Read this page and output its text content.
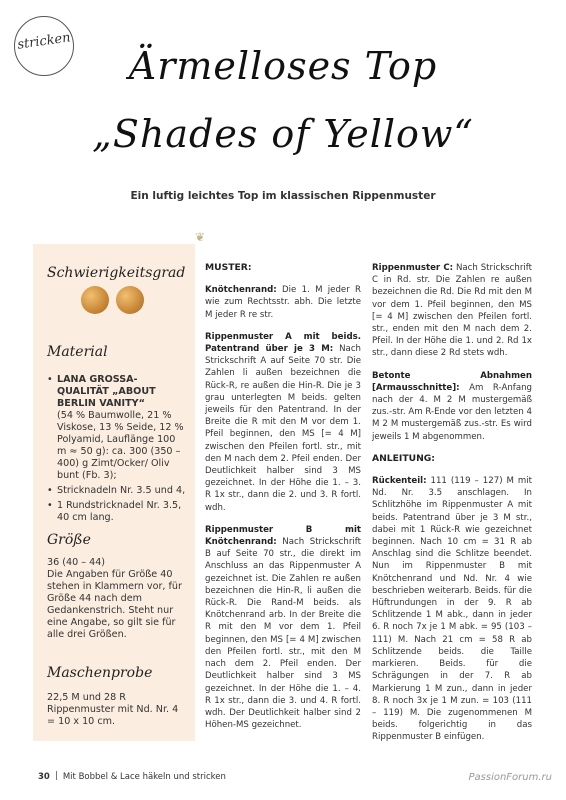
stricken
Ärmelloses Top
„Shades of Yellow“
Ein luftig leichtes Top im klassischen Rippenmuster
❦
Schwierigkeitsgrad
Material
• LANA GROSSA-QUALITÄT „ABOUT BERLIN VANITY“
(54 % Baumwolle, 21 % Viskose, 13 % Seide, 12 % Polyamid, Lauflänge 100 m ≈ 50 g): ca. 300 (350 – 400) g Zimt/Ocker/ Oliv bunt (Fb. 3);
• Stricknadeln Nr. 3.5 und 4,
• 1 Rundstricknadel Nr. 3.5, 40 cm lang.
Größe
36 (40 – 44)
Die Angaben für Größe 40 stehen in Klammern vor, für Größe 44 nach dem Gedankenstrich. Steht nur eine Angabe, so gilt sie für alle drei Größen.
Maschenprobe
22,5 M und 28 R Rippenmuster mit Nd. Nr. 4 = 10 x 10 cm.

MUSTER:

Knötchenrand: Die 1. M jeder R wie zum Rechtsstr. abh. Die letzte M jeder R re str.

Rippenmuster A mit beids. Patentrand über je 3 M: Nach Strickschrift A auf Seite 70 str. Die Zahlen li außen bezeichnen die Rück-R, re außen die Hin-R. Die je 3 grau unterlegten M beids. gelten jeweils für den Patentrand. In der Breite die R mit den M vor dem 1. Pfeil beginnen, den MS [= 4 M] zwischen den Pfeilen fortl. str., mit den M nach dem 2. Pfeil enden. Der Deutlichkeit halber sind 3 MS gezeichnet. In der Höhe die 1. – 3. R 1x str., dann die 2. und 3. R fortl. wdh.

Rippenmuster B mit Knötchenrand: Nach Strickschrift B auf Seite 70 str., die direkt im Anschluss an das Rippenmuster A gezeichnet ist. Die Zahlen re außen bezeichnen die Hin-R, li außen die Rück-R. Die Rand-M beids. als Knötchenrand arb. In der Breite die R mit den M vor dem 1. Pfeil beginnen, den MS [= 4 M] zwischen den Pfeilen fortl. str., mit den M nach dem 2. Pfeil enden. Der Deutlichkeit halber sind 3 MS gezeichnet. In der Höhe die 1. – 4. R 1x str., dann die 3. und 4. R fortl. wdh. Der Deutlichkeit halber sind 2 Höhen-MS gezeichnet.

Rippenmuster C: Nach Strickschrift C in Rd. str. Die Zahlen re außen bezeichnen die Rd. Die Rd mit den M vor dem 1. Pfeil beginnen, den MS [= 4 M] zwischen den Pfeilen fortl. str., enden mit den M nach dem 2. Pfeil. In der Höhe die 1. und 2. Rd 1x str., dann diese 2 Rd stets wdh.

Betonte Abnahmen [Armausschnitte]: Am R-Anfang nach der 4. M 2 M mustergemäß zus.-str. Am R-Ende vor den letzten 4 M 2 M mustergemäß zus.-str. Es wird jeweils 1 M abgenommen.

ANLEITUNG:

Rückenteil: 111 (119 – 127) M mit Nd. Nr. 3.5 anschlagen. In Schlitzhöhe im Rippenmuster A mit beids. Patentrand über je 3 M str., dabei mit 1 Rück-R wie gezeichnet beginnen. Nach 10 cm = 31 R ab Anschlag sind die Schlitze beendet. Nun im Rippenmuster B mit Knötchenrand und Nd. Nr. 4 wie beschrieben weiterarb. Beids. für die Hüftrundungen in der 9. R ab Schlitzende 1 M abk., dann in jeder 6. R noch 7x je 1 M abk. = 95 (103 – 111) M. Nach 21 cm = 58 R ab Schlitzende beids. die Taille markieren. Beids. für die Schrägungen in der 7. R ab Markierung 1 M zun., dann in jeder 8. R noch 3x je 1 M zun. = 103 (111 – 119) M. Die zugenommenen M beids. folgerichtig in das Rippenmuster B einfügen.

30 Mit Bobbel & Lace häkeln und stricken	PassionForum.ru
